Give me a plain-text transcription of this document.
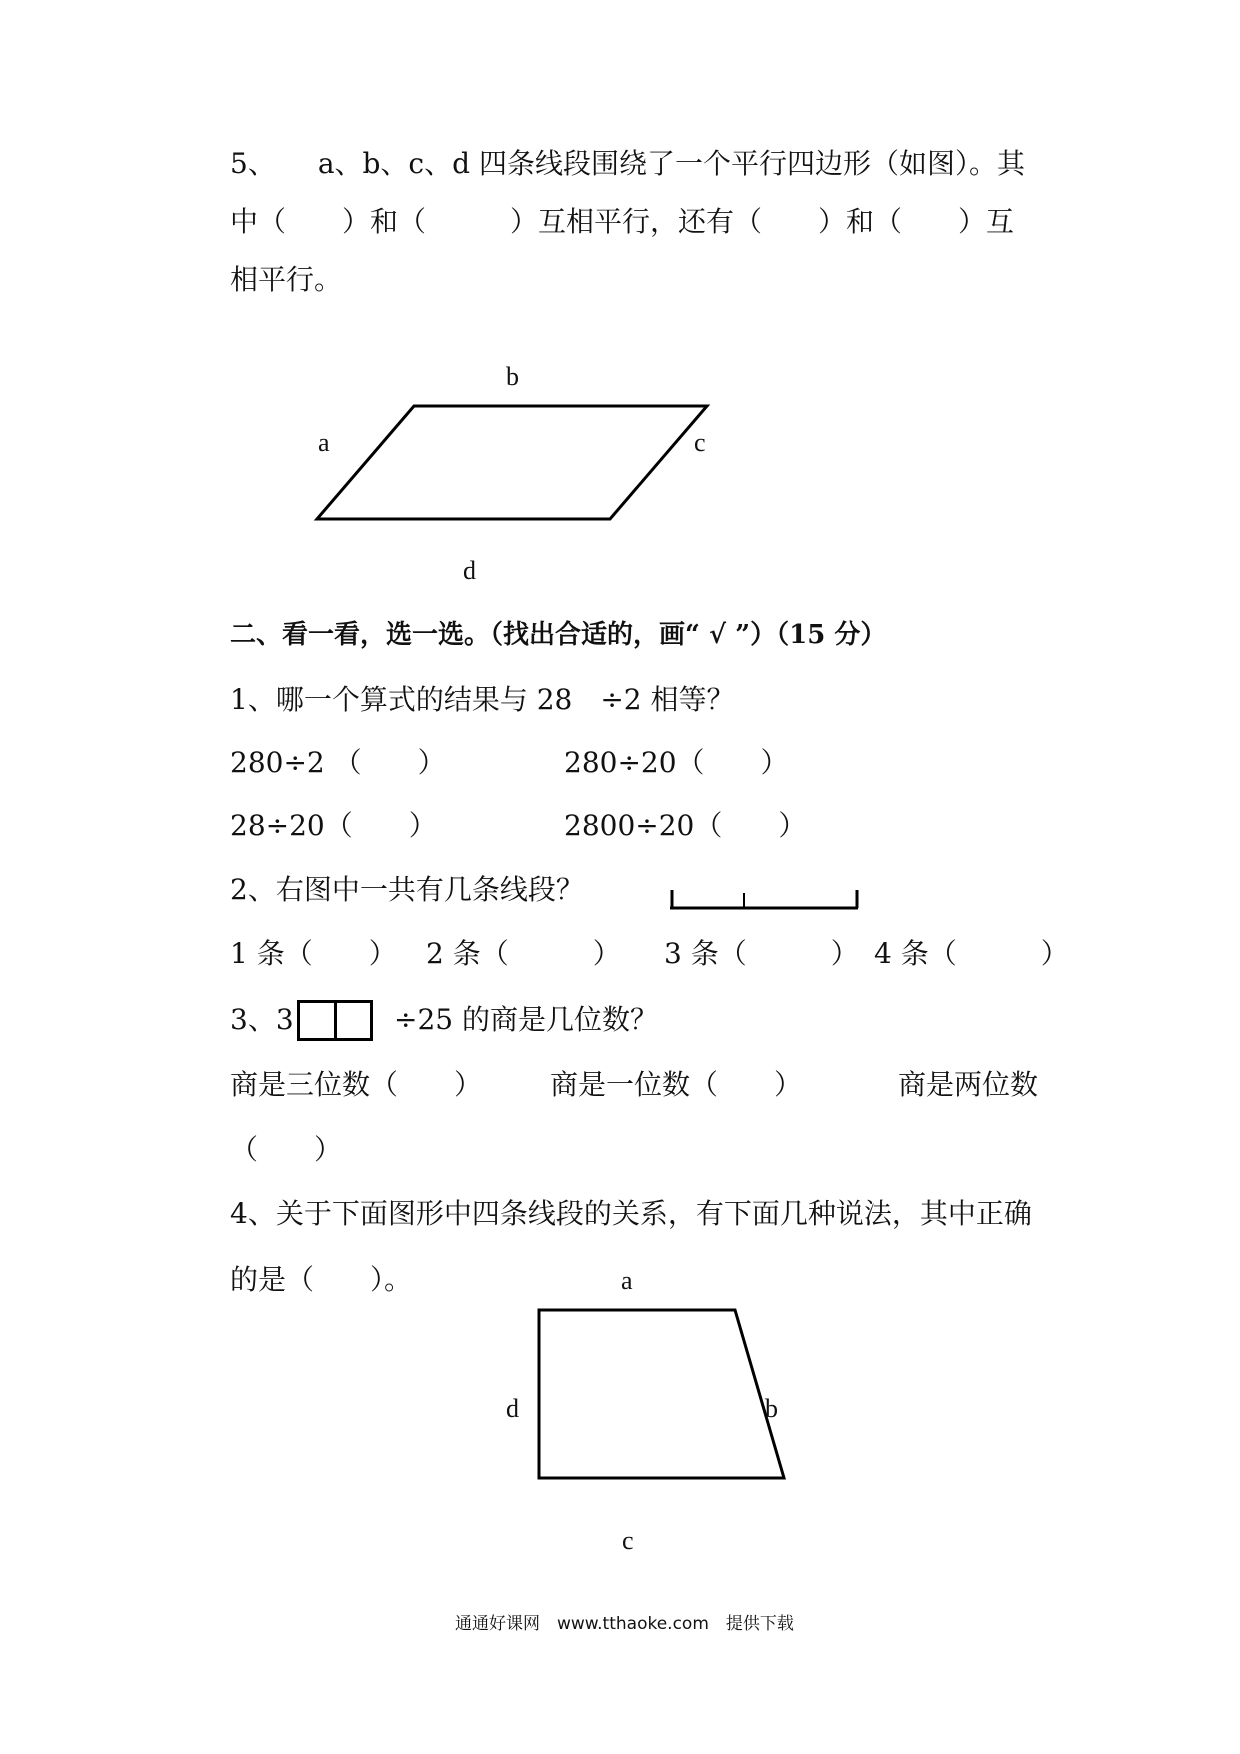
5、　　a、b、c、d 四条线段围绕了一个平行四边形（如图）。其
中（　　）和（　　　）互相平行，还有（　　）和（　　）互
相平行。
b
a	c
d
二、看一看，选一选。（找出合适的，画“ √ ”）（15 分）
1、哪一个算式的结果与 28　÷2 相等？
280÷2 （　　）	280÷20（　　）
28÷20（　　）	2800÷20（　　）
2、右图中一共有几条线段？
1 条（　　） 2 条（　　　） 3 条（　　　） 4 条（　　　）
3、3	÷25 的商是几位数？
商是三位数（　　） 商是一位数（　　）	商是两位数
（　　）
4、关于下面图形中四条线段的关系，有下面几种说法，其中正确
的是（　　）。	a
d	b
c
通通好课网　www.tthaoke.com　提供下载
